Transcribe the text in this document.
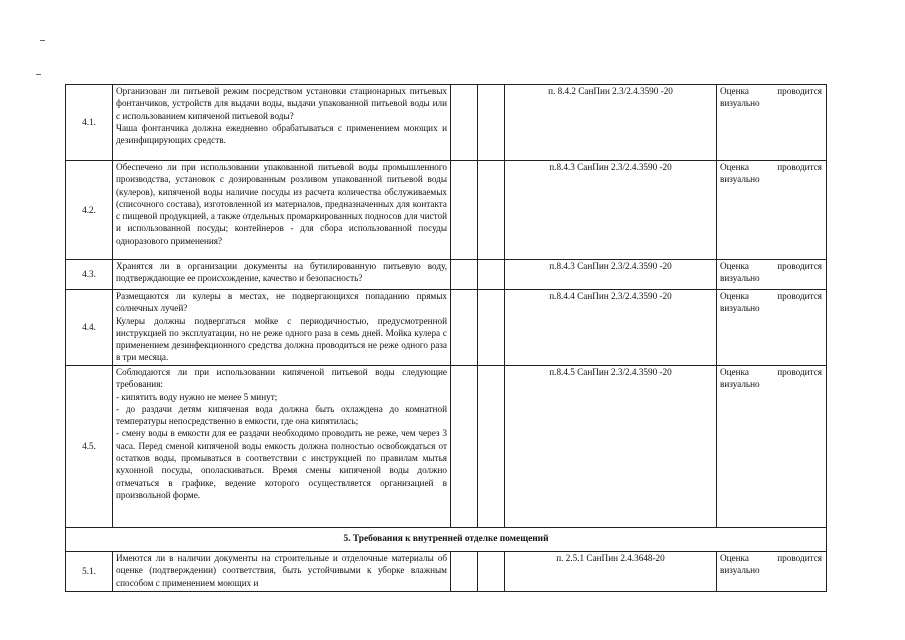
4.1.	Организован ли питьевой режим посредством установки стационарных питьевых фонтанчиков, устройств для выдачи воды, выдачи упакованной питьевой воды или с использованием кипяченой питьевой воды?
Чаша фонтанчика должна ежедневно обрабатываться с применением моющих и дезинфицирующих средств.			п. 8.4.2 СанПин 2.3/2.4.3590 -20	Оценка проводится визуально
4.2.	Обеспечено ли при использовании упакованной питьевой воды промышленного производства, установок с дозированным розливом упакованной питьевой воды (кулеров), кипяченой воды наличие посуды из расчета количества обслуживаемых (списочного состава), изготовленной из материалов, предназначенных для контакта с пищевой продукцией, а также отдельных промаркированных подносов для чистой и использованной посуды; контейнеров - для сбора использованной посуды одноразового применения?			п.8.4.3 СанПин 2.3/2.4.3590 -20	Оценка проводится визуально
4.3.	Хранятся ли в организации документы на бутилированную питьевую воду, подтверждающие ее происхождение, качество и безопасность?			п.8.4.3 СанПин 2.3/2.4.3590 -20	Оценка проводится визуально
4.4.	Размещаются ли кулеры в местах, не подвергающихся попаданию прямых солнечных лучей?
Кулеры должны подвергаться мойке с периодичностью, предусмотренной инструкцией по эксплуатации, но не реже одного раза в семь дней. Мойка кулера с применением дезинфекционного средства должна проводиться не реже одного раза в три месяца.			п.8.4.4 СанПин 2.3/2.4.3590 -20	Оценка проводится визуально
4.5.	Соблюдаются ли при использовании кипяченой питьевой воды следующие требования:
- кипятить воду нужно не менее 5 минут;
- до раздачи детям кипяченая вода должна быть охлаждена до комнатной температуры непосредственно в емкости, где она кипятилась;
- смену воды в емкости для ее раздачи необходимо проводить не реже, чем через 3 часа. Перед сменой кипяченой воды емкость должна полностью освобождаться от остатков воды, промываться в соответствии с инструкцией по правилам мытья кухонной посуды, ополаскиваться. Время смены кипяченой воды должно отмечаться в графике, ведение которого осуществляется организацией в произвольной форме.			п.8.4.5 СанПин 2.3/2.4.3590 -20	Оценка проводится визуально
5. Требования к внутренней отделке помещений					
5.1.	Имеются ли в наличии документы на строительные и отделочные материалы об оценке (подтверждении) соответствия, быть устойчивыми к уборке влажным способом с применением моющих и			п. 2.5.1 СанПин 2.4.3648-20	Оценка проводится визуально
